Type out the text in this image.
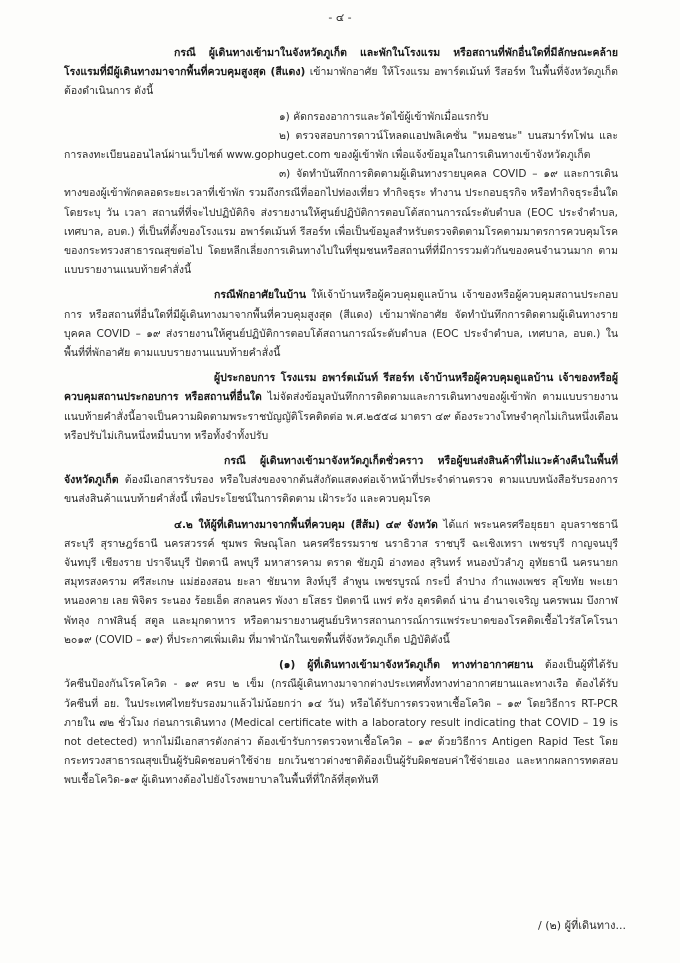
- ๔ -

กรณี ผู้เดินทางเข้ามาในจังหวัดภูเก็ต และพักในโรงแรม หรือสถานที่พักอื่นใดที่มีลักษณะคล้ายโรงแรมที่มีผู้เดินทางมาจากพื้นที่ควบคุมสูงสุด (สีแดง) เข้ามาพักอาศัย ให้โรงแรม อพาร์ตเม้นท์ รีสอร์ท ในพื้นที่จังหวัดภูเก็ตต้องดำเนินการ ดังนี้

๑) คัดกรองอาการและวัดไข้ผู้เข้าพักเมื่อแรกรับ

๒) ตรวจสอบการดาวน์โหลดแอปพลิเคชั่น "หมอชนะ" บนสมาร์ทโฟน และการลงทะเบียนออนไลน์ผ่านเว็บไซต์ www.gophuget.com ของผู้เข้าพัก เพื่อแจ้งข้อมูลในการเดินทางเข้าจังหวัดภูเก็ต

๓) จัดทำบันทึกการติดตามผู้เดินทางรายบุคคล COVID – ๑๙ และการเดินทางของผู้เข้าพักตลอดระยะเวลาที่เข้าพัก รวมถึงกรณีที่ออกไปท่องเที่ยว ทำกิจธุระ ทำงาน ประกอบธุรกิจ หรือทำกิจธุระอื่นใด โดยระบุ วัน เวลา สถานที่ที่จะไปปฏิบัติกิจ ส่งรายงานให้ศูนย์ปฏิบัติการตอบโต้สถานการณ์ระดับตำบล (EOC ประจำตำบล, เทศบาล, อบต.) ที่เป็นที่ตั้งของโรงแรม อพาร์ตเม้นท์ รีสอร์ท เพื่อเป็นข้อมูลสำหรับตรวจติดตามโรคตามมาตรการควบคุมโรคของกระทรวงสาธารณสุขต่อไป โดยหลีกเลี่ยงการเดินทางไปในที่ชุมชนหรือสถานที่ที่มีการรวมตัวกันของคนจำนวนมาก ตามแบบรายงานแนบท้ายคำสั่งนี้

กรณีพักอาศัยในบ้าน ให้เจ้าบ้านหรือผู้ควบคุมดูแลบ้าน เจ้าของหรือผู้ควบคุมสถานประกอบการ หรือสถานที่อื่นใดที่มีผู้เดินทางมาจากพื้นที่ควบคุมสูงสุด (สีแดง) เข้ามาพักอาศัย จัดทำบันทึกการติดตามผู้เดินทางรายบุคคล COVID – ๑๙ ส่งรายงานให้ศูนย์ปฏิบัติการตอบโต้สถานการณ์ระดับตำบล (EOC ประจำตำบล, เทศบาล, อบต.) ในพื้นที่ที่พักอาศัย ตามแบบรายงานแนบท้ายคำสั่งนี้

ผู้ประกอบการ โรงแรม อพาร์ตเม้นท์ รีสอร์ท เจ้าบ้านหรือผู้ควบคุมดูแลบ้าน เจ้าของหรือผู้ควบคุมสถานประกอบการ หรือสถานที่อื่นใด ไม่จัดส่งข้อมูลบันทึกการติดตามและการเดินทางของผู้เข้าพัก ตามแบบรายงานแนบท้ายคำสั่งนี้อาจเป็นความผิดตามพระราชบัญญัติโรคติดต่อ พ.ศ.๒๕๕๘ มาตรา ๔๙ ต้องระวางโทษจำคุกไม่เกินหนึ่งเดือน หรือปรับไม่เกินหนึ่งหมื่นบาท หรือทั้งจำทั้งปรับ

กรณี ผู้เดินทางเข้ามาจังหวัดภูเก็ตชั่วคราว หรือผู้ขนส่งสินค้าที่ไม่แวะค้างคืนในพื้นที่จังหวัดภูเก็ต ต้องมีเอกสารรับรอง หรือใบส่งของจากต้นสังกัดแสดงต่อเจ้าหน้าที่ประจำด่านตรวจ ตามแบบหนังสือรับรองการขนส่งสินค้าแนบท้ายคำสั่งนี้ เพื่อประโยชน์ในการติดตาม เฝ้าระวัง และควบคุมโรค

๔.๒ ให้ผู้ที่เดินทางมาจากพื้นที่ควบคุม (สีส้ม) ๔๙ จังหวัด ได้แก่ พระนครศรีอยุธยา อุบลราชธานี สระบุรี สุราษฎร์ธานี นครสวรรค์ ชุมพร พิษณุโลก นครศรีธรรมราช นราธิวาส ราชบุรี ฉะเชิงเทรา เพชรบุรี กาญจนบุรี จันทบุรี เชียงราย ปราจีนบุรี ปัตตานี ลพบุรี มหาสารคาม ตราด ชัยภูมิ อ่างทอง สุรินทร์ หนองบัวลำภู อุทัยธานี นครนายก สมุทรสงคราม ศรีสะเกษ แม่ฮ่องสอน ยะลา ชัยนาท สิงห์บุรี ลำพูน เพชรบูรณ์ กระบี่ ลำปาง กำแพงเพชร สุโขทัย พะเยา หนองคาย เลย พิจิตร ระนอง ร้อยเอ็ด สกลนคร พังงา ยโสธร ปัตตานี แพร่ ตรัง อุตรดิตถ์ น่าน อำนาจเจริญ นครพนม บึงกาฬ พัทลุง กาฬสินธุ์ สตูล และมุกดาหาร หรือตามรายงานศูนย์บริหารสถานการณ์การแพร่ระบาดของโรคติดเชื้อไวรัสโคโรนา ๒๐๑๙ (COVID – ๑๙) ที่ประกาศเพิ่มเติม ที่มาพำนักในเขตพื้นที่จังหวัดภูเก็ต ปฏิบัติดังนี้

(๑) ผู้ที่เดินทางเข้ามาจังหวัดภูเก็ต ทางท่าอากาศยาน ต้องเป็นผู้ที่ได้รับวัคซีนป้องกันโรคโควิด - ๑๙ ครบ ๒ เข็ม (กรณีผู้เดินทางมาจากต่างประเทศทั้งทางท่าอากาศยานและทางเรือ ต้องได้รับวัคซีนที่ อย. ในประเทศไทยรับรองมาแล้วไม่น้อยกว่า ๑๔ วัน) หรือได้รับการตรวจหาเชื้อโควิด – ๑๙ โดยวิธีการ RT-PCR ภายใน ๗๒ ชั่วโมง ก่อนการเดินทาง (Medical certificate with a laboratory result indicating that COVID – 19 is not detected) หากไม่มีเอกสารดังกล่าว ต้องเข้ารับการตรวจหาเชื้อโควิด – ๑๙ ด้วยวิธีการ Antigen Rapid Test โดยกระทรวงสาธารณสุขเป็นผู้รับผิดชอบค่าใช้จ่าย ยกเว้นชาวต่างชาติต้องเป็นผู้รับผิดชอบค่าใช้จ่ายเอง และหากผลการทดสอบพบเชื้อโควิด-๑๙ ผู้เดินทางต้องไปยังโรงพยาบาลในพื้นที่ที่ใกล้ที่สุดทันที

/ (๒) ผู้ที่เดินทาง...
